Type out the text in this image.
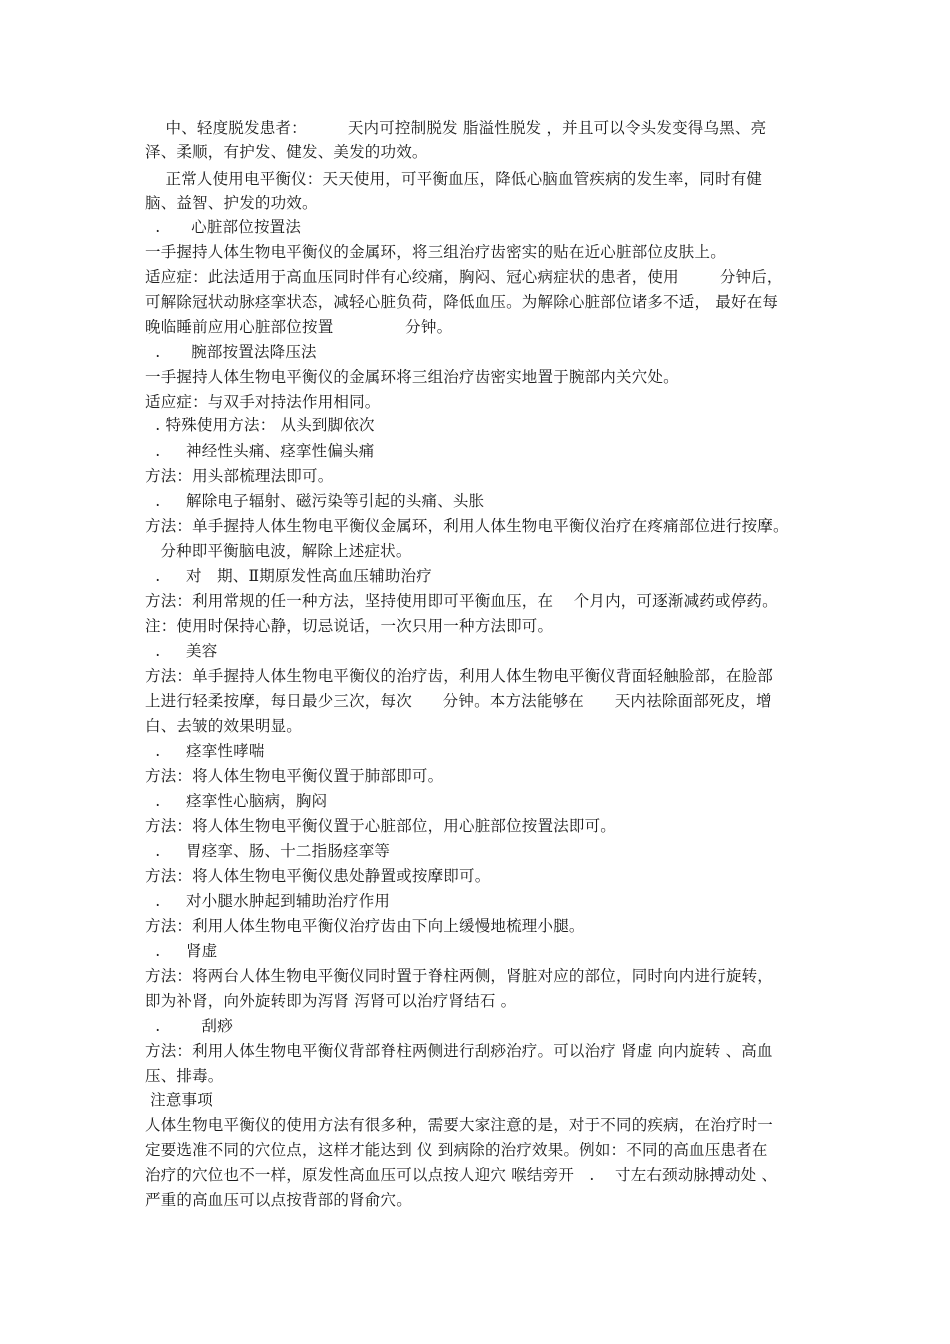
中、轻度脱发患者：        天内可控制脱发 脂溢性脱发 ，并且可以令头发变得乌黑、亮
泽、柔顺，有护发、健发、美发的功效。
正常人使用电平衡仪：天天使用，可平衡血压，降低心脑血管疾病的发生率，同时有健
脑、益智、护发的功效。
.      心脏部位按置法
一手握持人体生物电平衡仪的金属环，将三组治疗齿密实的贴在近心脏部位皮肤上。
适应症：此法适用于高血压同时伴有心绞痛，胸闷、冠心病症状的患者，使用        分钟后，
可解除冠状动脉痉挛状态，减轻心脏负荷，降低血压。为解除心脏部位诸多不适， 最好在每
晚临睡前应用心脏部位按置              分钟。
.      腕部按置法降压法
一手握持人体生物电平衡仪的金属环将三组治疗齿密实地置于腕部内关穴处。
适应症：与双手对持法作用相同。
. 特殊使用方法： 从头到脚依次
.     神经性头痛、痉挛性偏头痛
方法：用头部梳理法即可。
.     解除电子辐射、磁污染等引起的头痛、头胀
方法：单手握持人体生物电平衡仪金属环，利用人体生物电平衡仪治疗在疼痛部位进行按摩。
分种即平衡脑电波，解除上述症状。
.     对   期、Ⅱ期原发性高血压辅助治疗
方法：利用常规的任一种方法，坚持使用即可平衡血压，在    个月内，可逐渐减药或停药。
注：使用时保持心静，切忌说话，一次只用一种方法即可。
.     美容
方法：单手握持人体生物电平衡仪的治疗齿，利用人体生物电平衡仪背面轻触脸部，在脸部
上进行轻柔按摩，每日最少三次，每次      分钟。本方法能够在      天内祛除面部死皮，增
白、去皱的效果明显。
.     痉挛性哮喘
方法：将人体生物电平衡仪置于肺部即可。
.     痉挛性心脑病，胸闷
方法：将人体生物电平衡仪置于心脏部位，用心脏部位按置法即可。
.     胃痉挛、肠、十二指肠痉挛等
方法：将人体生物电平衡仪患处静置或按摩即可。
.     对小腿水肿起到辅助治疗作用
方法：利用人体生物电平衡仪治疗齿由下向上缓慢地梳理小腿。
.     肾虚
方法：将两台人体生物电平衡仪同时置于脊柱两侧，肾脏对应的部位，同时向内进行旋转，
即为补肾，向外旋转即为泻肾 泻肾可以治疗肾结石 。
.        刮痧
方法：利用人体生物电平衡仪背部脊柱两侧进行刮痧治疗。可以治疗 肾虚 向内旋转 、高血
压、排毒。
注意事项
人体生物电平衡仪的使用方法有很多种，需要大家注意的是，对于不同的疾病，在治疗时一
定要选准不同的穴位点，这样才能达到 仪 到病除的治疗效果。例如：不同的高血压患者在
治疗的穴位也不一样，原发性高血压可以点按人迎穴 喉结旁开   .    寸左右颈动脉搏动处 、
严重的高血压可以点按背部的肾俞穴。
